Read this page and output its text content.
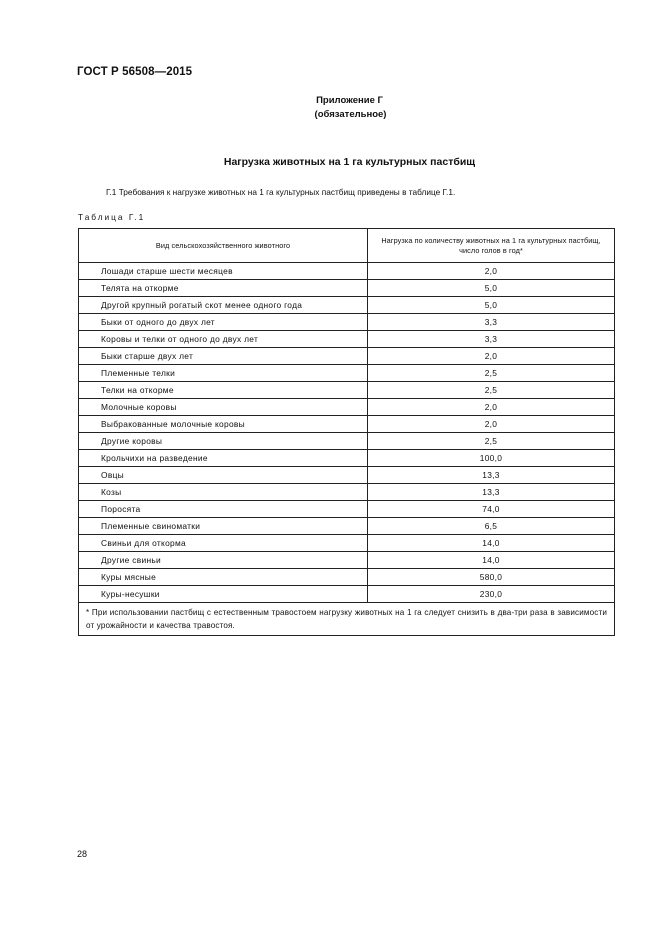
ГОСТ Р 56508—2015
Приложение Г
(обязательное)
Нагрузка животных на 1 га культурных пастбищ
Г.1 Требования к нагрузке животных на 1 га культурных пастбищ приведены в таблице Г.1.
Таблица Г.1
Вид сельскохозяйственного животного	Нагрузка по количеству животных на 1 га культурных пастбищ, число голов в год*

Лошади старше шести месяцев	2,0
Телята на откорме	5,0
Другой крупный рогатый скот менее одного года	5,0
Быки от одного до двух лет	3,3
Коровы и телки от одного до двух лет	3,3
Быки старше двух лет	2,0
Племенные телки	2,5
Телки на откорме	2,5
Молочные коровы	2,0
Выбракованные молочные коровы	2,0
Другие коровы	2,5
Крольчихи на разведение	100,0
Овцы	13,3
Козы	13,3
Поросята	74,0
Племенные свиноматки	6,5
Свиньи для откорма	14,0
Другие свиньи	14,0
Куры мясные	580,0
Куры-несушки	230,0
* При использовании пастбищ с естественным травостоем нагрузку животных на 1 га следует снизить в два-три раза в зависимости от урожайности и качества травостоя.	
28
